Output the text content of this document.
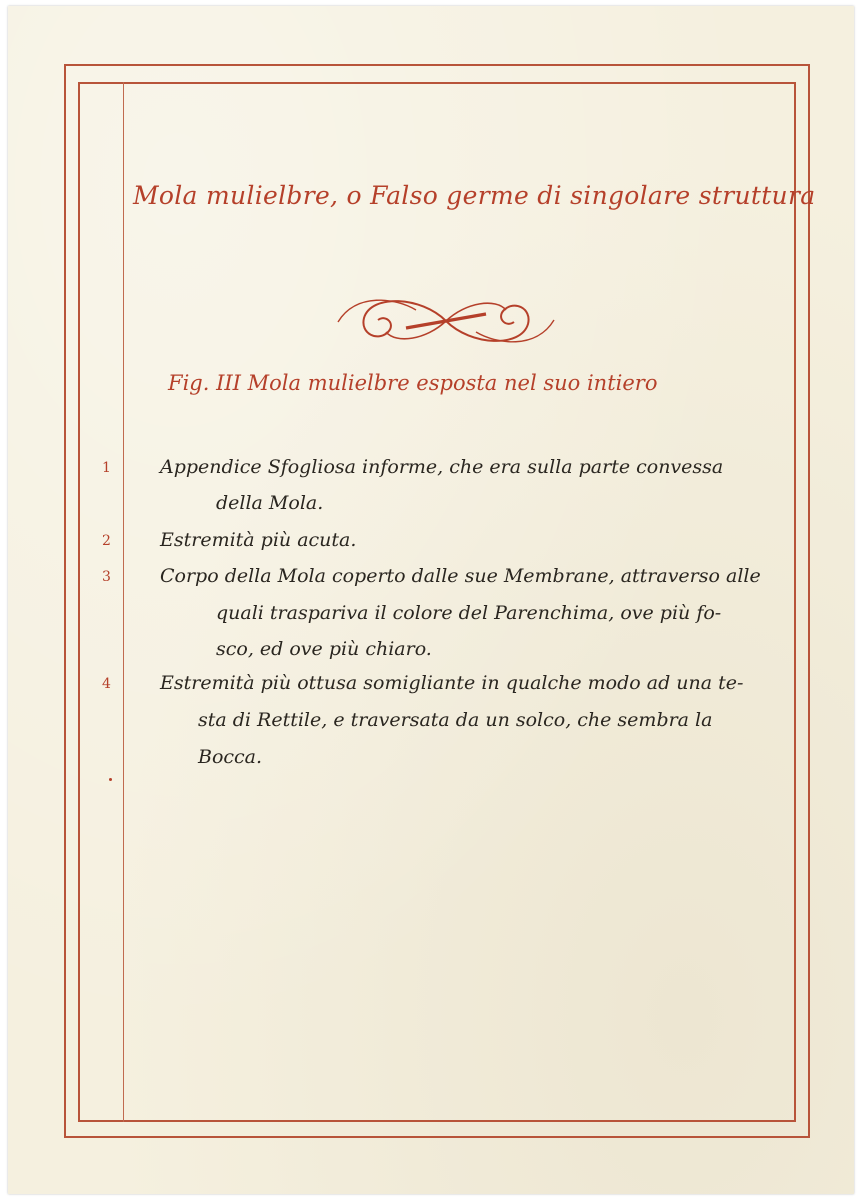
Mola mulielbre, o Falso germe di singolare struttura
Fig. III Mola mulielbre esposta nel suo intiero
1	Appendice Sfogliosa informe, che era sulla parte convessa
della Mola.
2	Estremità più acuta.
3	Corpo della Mola coperto dalle sue Membrane, attraverso alle
quali traspariva il colore del Parenchima, ove più fo-
sco, ed ove più chiaro.
4	Estremità più ottusa somigliante in qualche modo ad una te-
sta di Rettile, e traversata da un solco, che sembra la
Bocca.
